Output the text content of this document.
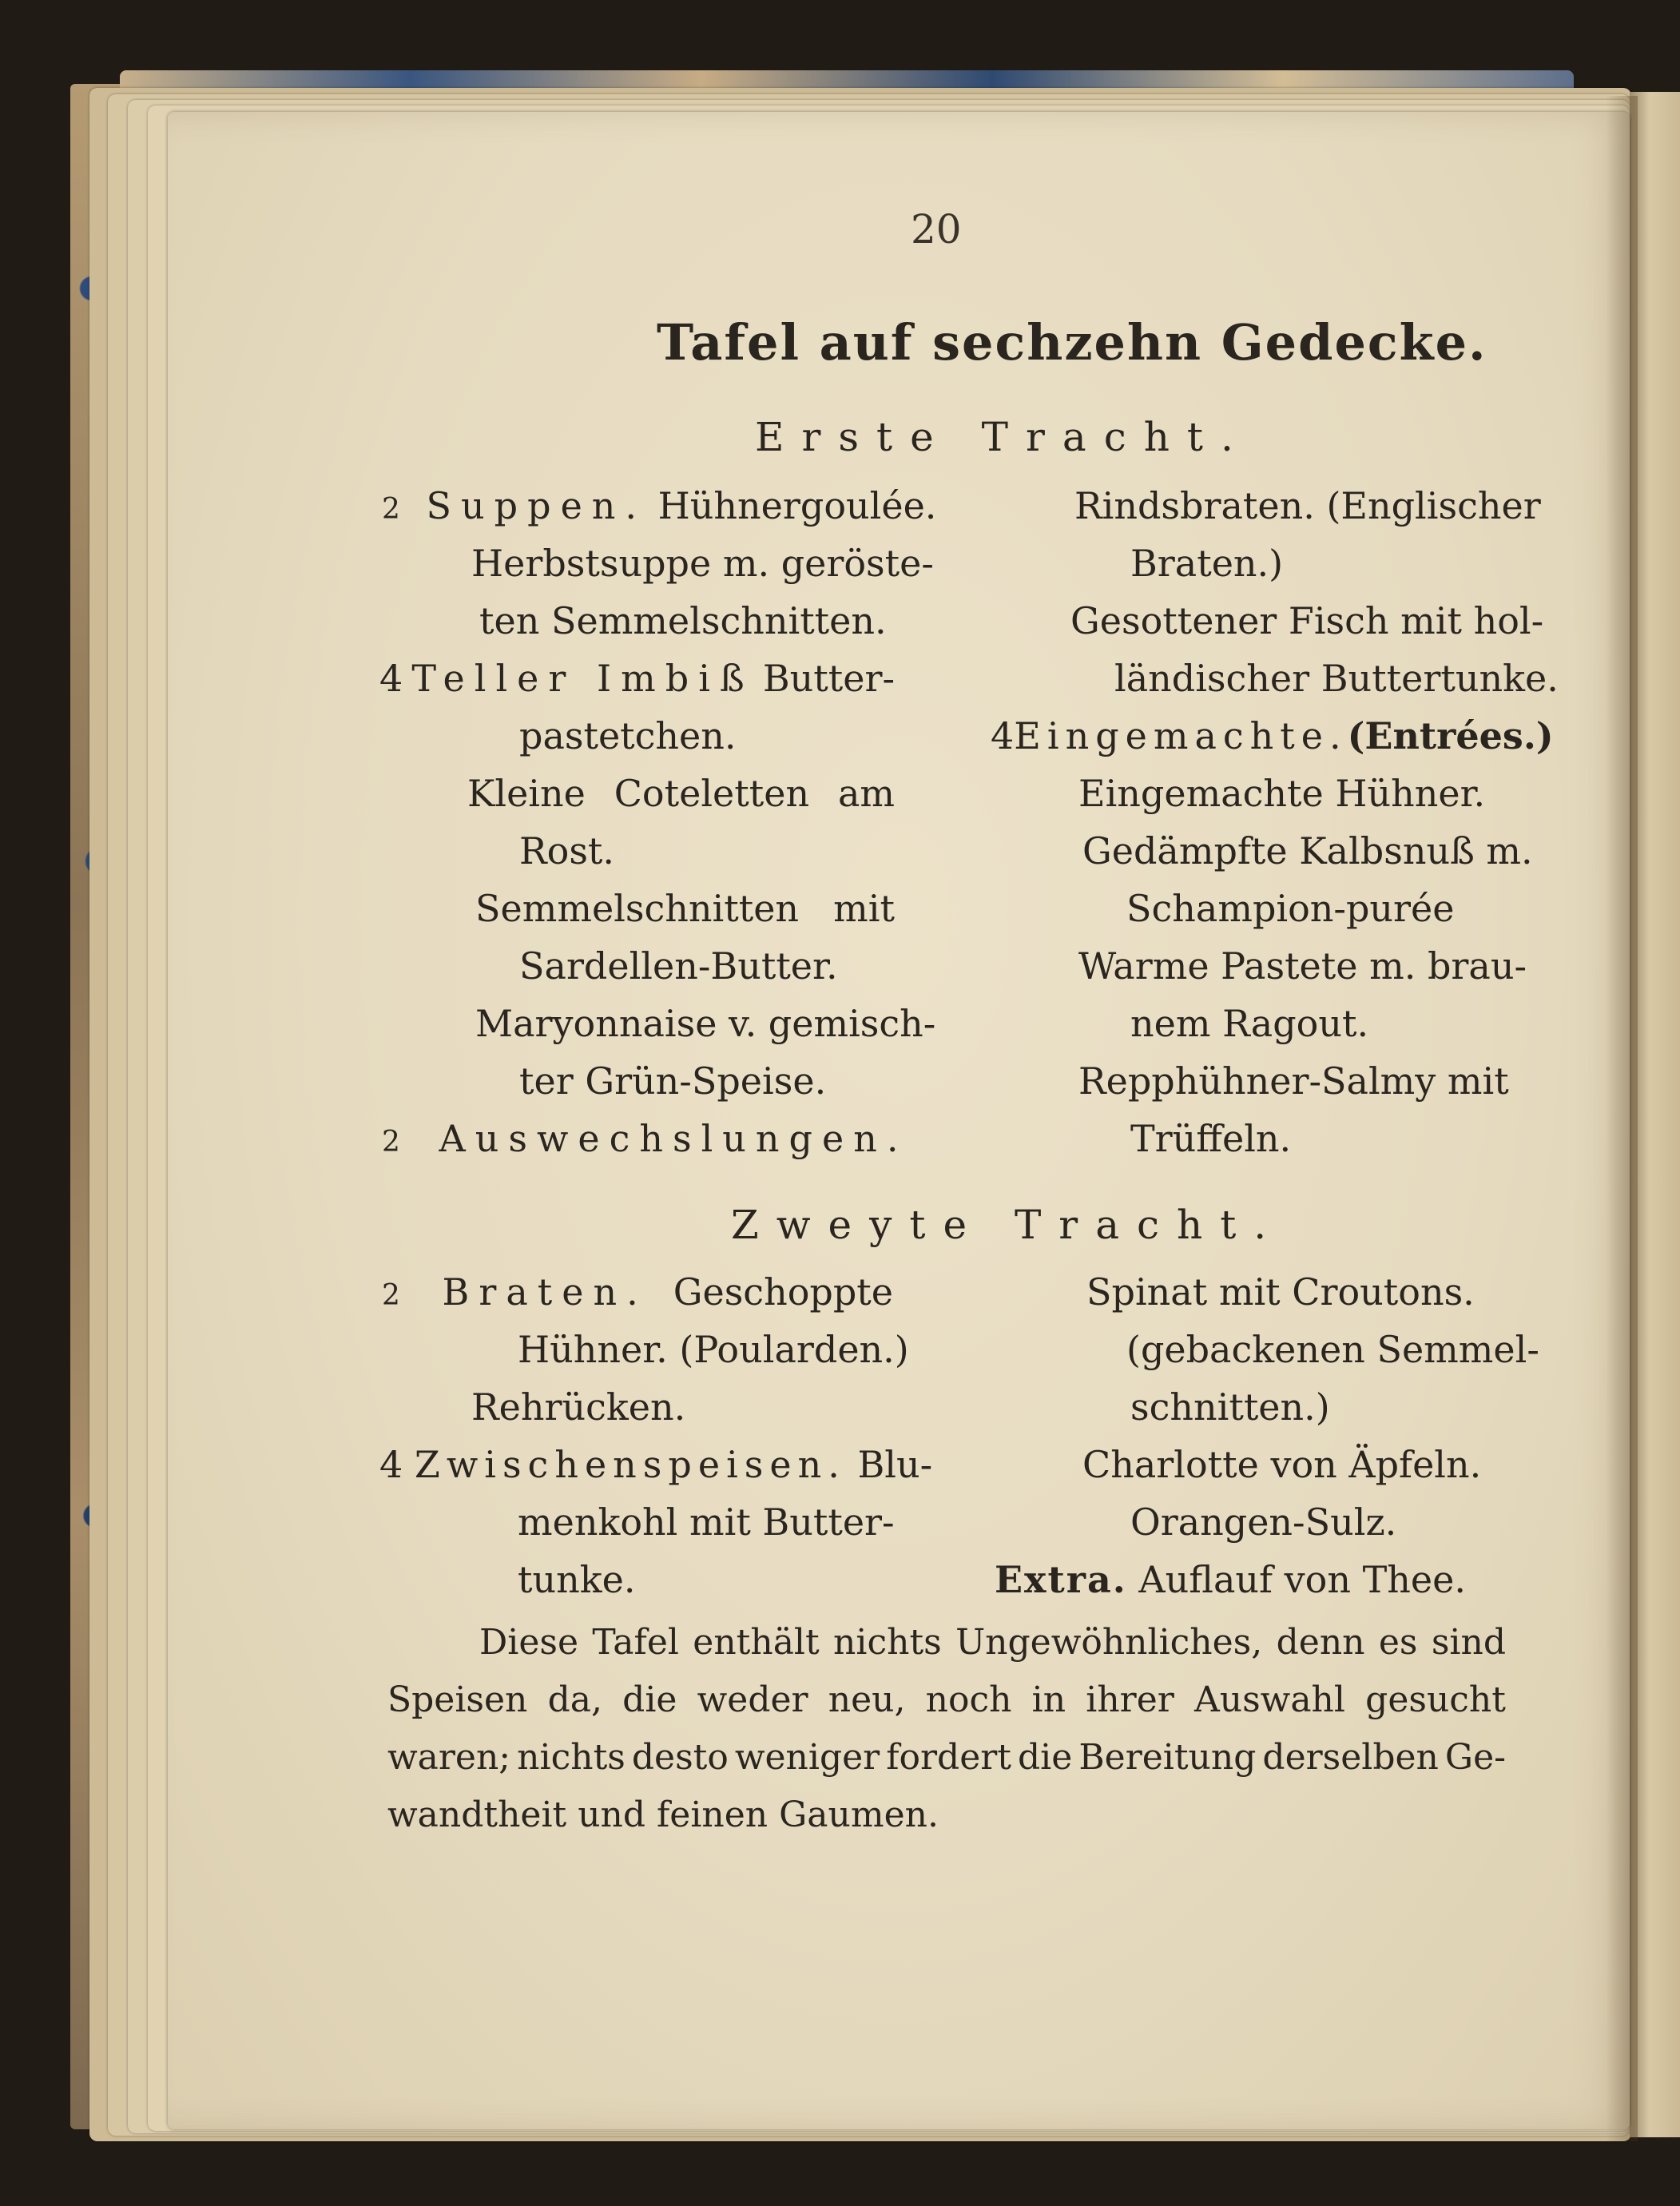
20
Tafel auf sechzehn Gedecke.
Erste Tracht.
2 Suppen. Hühnergoulée.
Herbstsuppe m. geröste-
ten Semmelschnitten.
4 Teller Imbiß Butter-
pastetchen.
Kleine Coteletten am
Rost.
Semmelschnitten mit
Sardellen-Butter.
Maryonnaise v. gemisch-
ter Grün-Speise.
2 Auswechslungen.
Rindsbraten. (Englischer
Braten.)
Gesottener Fisch mit hol-
ländischer Buttertunke.
4Eingemachte.(Entrées.)
Eingemachte Hühner.
Gedämpfte Kalbsnuß m.
Schampion-purée
Warme Pastete m. brau-
nem Ragout.
Repphühner-Salmy mit
Trüffeln.
Zweyte Tracht.
2 Braten. Geschoppte
Hühner. (Poularden.)
Rehrücken.
4 Zwischenspeisen. Blu-
menkohl mit Butter-
tunke.
Spinat mit Croutons.
(gebackenen Semmel-
schnitten.)
Charlotte von Äpfeln.
Orangen-Sulz.
Extra. Auflauf von Thee.
Diese Tafel enthält nichts Ungewöhnliches, denn es sind
Speisen da, die weder neu, noch in ihrer Auswahl gesucht
waren; nichts desto weniger fordert die Bereitung derselben Ge-
wandtheit und feinen Gaumen.
